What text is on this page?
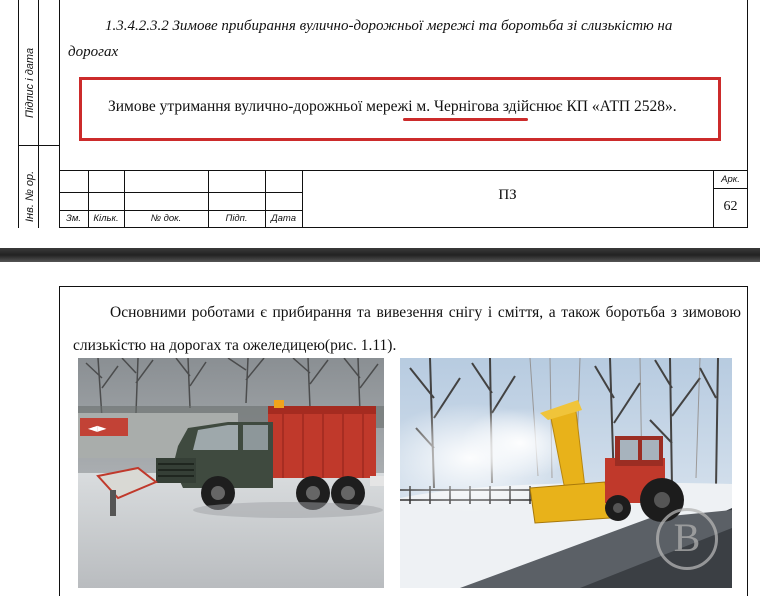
Підпис і дата
Інв. № ор.
1.3.4.2.3.2 Зимове прибирання вулично-дорожньої мережі та боротьба зі слизькістю на
дорогах
Зимове утримання вулично-дорожньої мережі м. Чернігова здійснює КП «АТП 2528».
Зм.	Кільк.	№ док.	Підп.	Дата
ПЗ
Арк.
62
Основними роботами є прибирання та вивезення снігу і сміття, а також боротьба з зимовою слизькістю на дорогах та ожеледицею(рис. 1.11).
◄►
В
